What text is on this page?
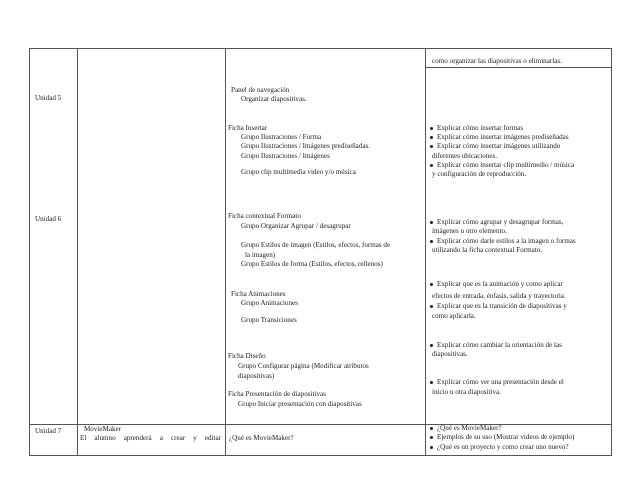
como organizar las diapositivas o eliminarlas.
Unidad 5
Panel de navegación
Organizar diapositivas.
Unidad 6
Ficha Insertar
Grupo Ilustraciones / Forma
Grupo Ilustraciones / Imágenes prediseñadas.
Grupo Ilustraciones / Imágenes
Grupo clip multimedia video y/o música
Ficha contextual Formato
Grupo Organizar Agrupar / desagrupar
Grupo Estilos de imagen (Estilos, efectos, formas de
la imagen)
Grupo Estilos de forma (Estilos, efectos, rellenos)
Ficha Animaciones
Grupo Animaciones
Grupo Transiciones
Ficha Diseño
Grupo Configurar página (Modificar atributos
diapositivas)
Ficha Presentación de diapositivas
Grupo Iniciar presentación con diapositivas
Explicar cómo insertar formas
Explicar cómo insertar imágenes prediseñadas
Explicar cómo insertar imágenes utilizando
diferentes ubicaciones.
Explicar cómo insertar clip multimedio / música
y configuración de reproducción.
Explicar cómo agrupar y desagrupar formas,
imágenes u otro elemento.
Explicar cómo darle estilos a la imagen o formas
utilizando la ficha contextual Formato.
Explicar que es la animación y como aplicar
efectos de entrada, énfasis, salida y trayectoria.
Explicar que es la transición de diapositivas y
como aplicarla.
Explicar cómo cambiar la orientación de las
diapositivas.
Explicar cómo ver una presentación desde el
inicio u otra diapositiva.
Unidad 7	MovieMaker
El alumno aprenderá a crear y editar ¿Qué es MovieMaker?
¿Qué es MovieMaker?
Ejemplos de su uso (Mostrar videos de ejemplo)
¿Qué es un proyecto y como crear uno nuevo?
